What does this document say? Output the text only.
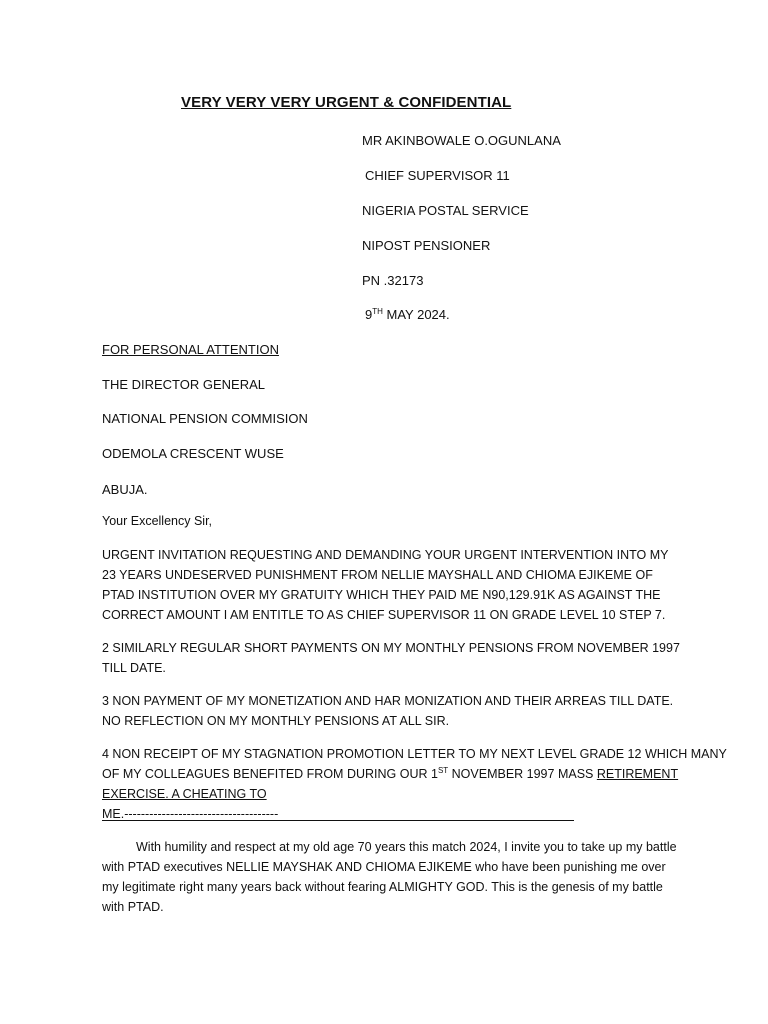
VERY VERY VERY URGENT & CONFIDENTIAL
MR AKINBOWALE O.OGUNLANA
CHIEF SUPERVISOR 11
NIGERIA POSTAL SERVICE
NIPOST PENSIONER
PN .32173
9TH MAY 2024.
FOR PERSONAL ATTENTION
THE DIRECTOR GENERAL
NATIONAL PENSION COMMISION
ODEMOLA CRESCENT WUSE
ABUJA.
Your Excellency Sir,
URGENT INVITATION REQUESTING AND DEMANDING YOUR URGENT INTERVENTION INTO MY 23 YEARS UNDESERVED PUNISHMENT FROM NELLIE MAYSHALL AND CHIOMA EJIKEME OF PTAD INSTITUTION OVER MY GRATUITY WHICH THEY PAID ME N90,129.91K AS AGAINST THE CORRECT AMOUNT I AM ENTITLE TO AS CHIEF SUPERVISOR 11 ON GRADE LEVEL 10 STEP 7.
2 SIMILARLY REGULAR SHORT PAYMENTS ON MY MONTHLY PENSIONS FROM NOVEMBER 1997 TILL DATE.
3 NON PAYMENT OF MY MONETIZATION AND HAR MONIZATION AND THEIR ARREAS TILL DATE. NO REFLECTION ON MY MONTHLY PENSIONS AT ALL SIR.
4 NON RECEIPT OF MY STAGNATION PROMOTION LETTER TO MY NEXT LEVEL GRADE 12 WHICH MANY
OF MY COLLEAGUES BENEFITED FROM DURING OUR 1ST NOVEMBER 1997 MASS RETIREMENT
EXERCISE. A CHEATING TO
ME.-------------------------------------
With humility and respect at my old age 70 years this match 2024, I invite you to take up my battle with PTAD executives NELLIE MAYSHAK AND CHIOMA EJIKEME who have been punishing me over my legitimate right many years back without fearing ALMIGHTY GOD. This is the genesis of my battle with PTAD.
